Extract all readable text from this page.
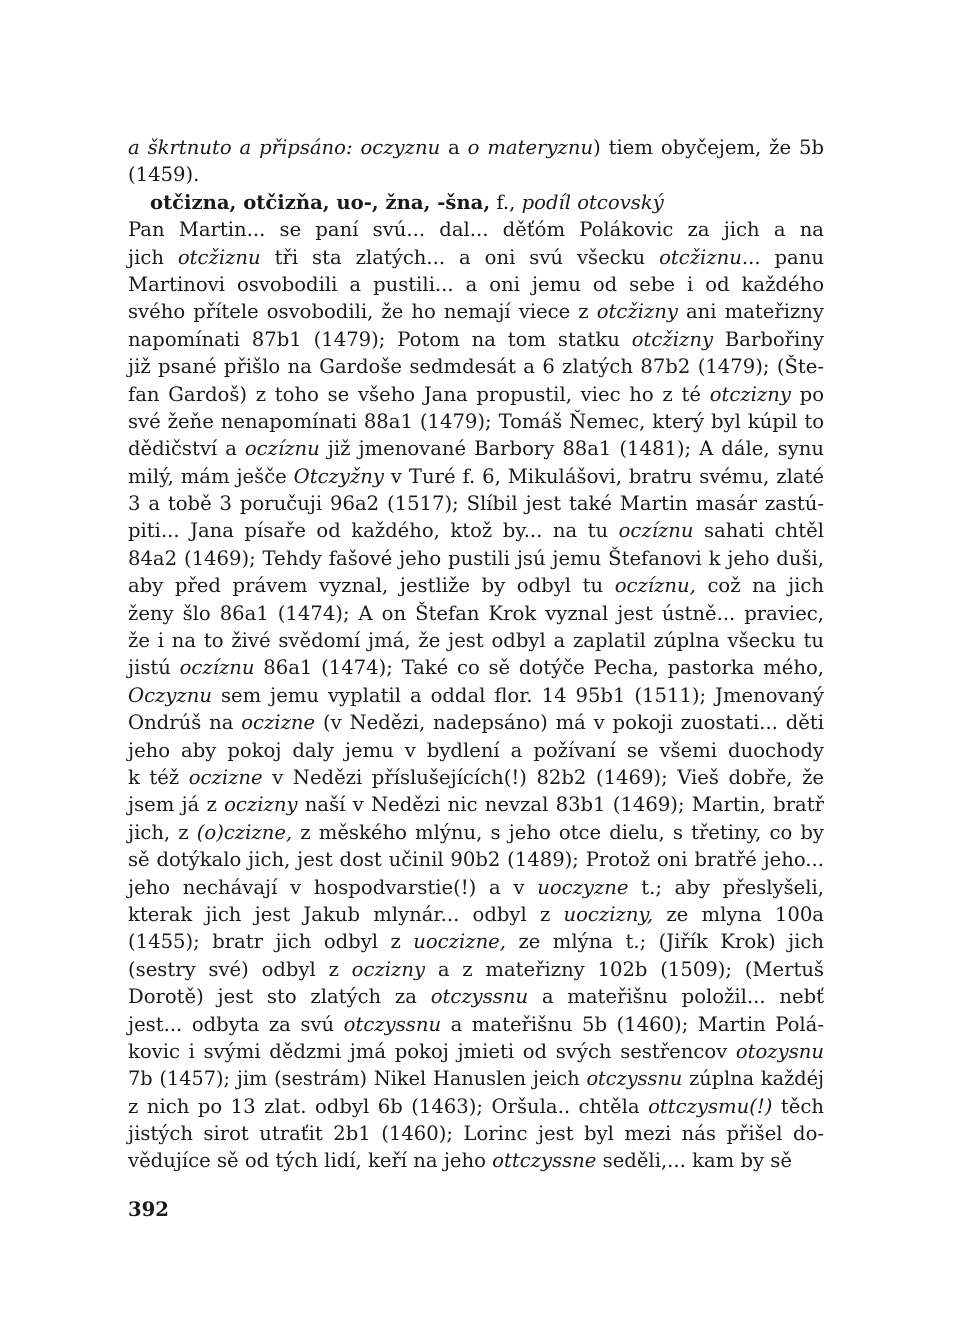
a škrtnuto a připsáno: oczyznu a o materyznu) tiem obyčejem, že 5b
(1459).
otčizna, otčizňa, uo-, žna, -šna, f., podíl otcovský
Pan Martin... se paní svú... dal... děťóm Polákovic za jich a na
jich otcžiznu tři sta zlatých... a oni svú všecku otcžiznu... panu
Martinovi osvobodili a pustili... a oni jemu od sebe i od každého
svého přítele osvobodili, že ho nemají viece z otcžizny ani mateřizny
napomínati 87b1 (1479); Potom na tom statku otcžizny Barbořiny
již psané přišlo na Gardoše sedmdesát a 6 zlatých 87b2 (1479); (Šte-
fan Gardoš) z toho se všeho Jana propustil, viec ho z té otczizny po
své žeňe nenapomínati 88a1 (1479); Tomáš Ňemec, který byl kúpil to
dědičství a oczíznu již jmenované Barbory 88a1 (1481); A dále, synu
milý, mám ješče Otczyžny v Turé f. 6, Mikulášovi, bratru svému, zlaté
3 a tobě 3 poručuji 96a2 (1517); Slíbil jest také Martin masár zastú-
piti... Jana písaře od každého, ktož by... na tu oczíznu sahati chtěl
84a2 (1469); Tehdy fašové jeho pustili jsú jemu Štefanovi k jeho duši,
aby před právem vyznal, jestliže by odbyl tu oczíznu, což na jich
ženy šlo 86a1 (1474); A on Štefan Krok vyznal jest ústně... praviec,
že i na to živé svědomí jmá, že jest odbyl a zaplatil zúplna všecku tu
jistú oczíznu 86a1 (1474); Také co sě dotýče Pecha, pastorka mého,
Oczyznu sem jemu vyplatil a oddal flor. 14 95b1 (1511); Jmenovaný
Ondrúš na oczizne (v Nedězi, nadepsáno) má v pokoji zuostati... děti
jeho aby pokoj daly jemu v bydlení a požívaní se všemi duochody
k též oczizne v Nedězi příslušejících(!) 82b2 (1469); Vieš dobře, že
jsem já z oczizny naší v Nedězi nic nevzal 83b1 (1469); Martin, bratř
jich, z (o)czizne, z měského mlýnu, s jeho otce dielu, s třetiny, co by
sě dotýkalo jich, jest dost učinil 90b2 (1489); Protož oni bratřé jeho...
jeho nechávají v hospodvarstie(!) a v uoczyzne t.; aby přeslyšeli,
kterak jich jest Jakub mlynár... odbyl z uoczizny, ze mlyna 100a
(1455); bratr jich odbyl z uoczizne, ze mlýna t.; (Jiřík Krok) jich
(sestry své) odbyl z oczizny a z mateřizny 102b (1509); (Mertuš
Dorotě) jest sto zlatých za otczyssnu a mateřišnu položil... nebť
jest... odbyta za svú otczyssnu a mateřišnu 5b (1460); Martin Polá-
kovic i svými dědzmi jmá pokoj jmieti od svých sestřencov otozysnu
7b (1457); jim (sestrám) Nikel Hanuslen jeich otczyssnu zúplna každéj
z nich po 13 zlat. odbyl 6b (1463); Oršula.. chtěla ottczysmu(!) těch
jistých sirot utraťit 2b1 (1460); Lorinc jest byl mezi nás přišel do-
vědujíce sě od tých lidí, keří na jeho ottczyssne seděli,... kam by sě
392
